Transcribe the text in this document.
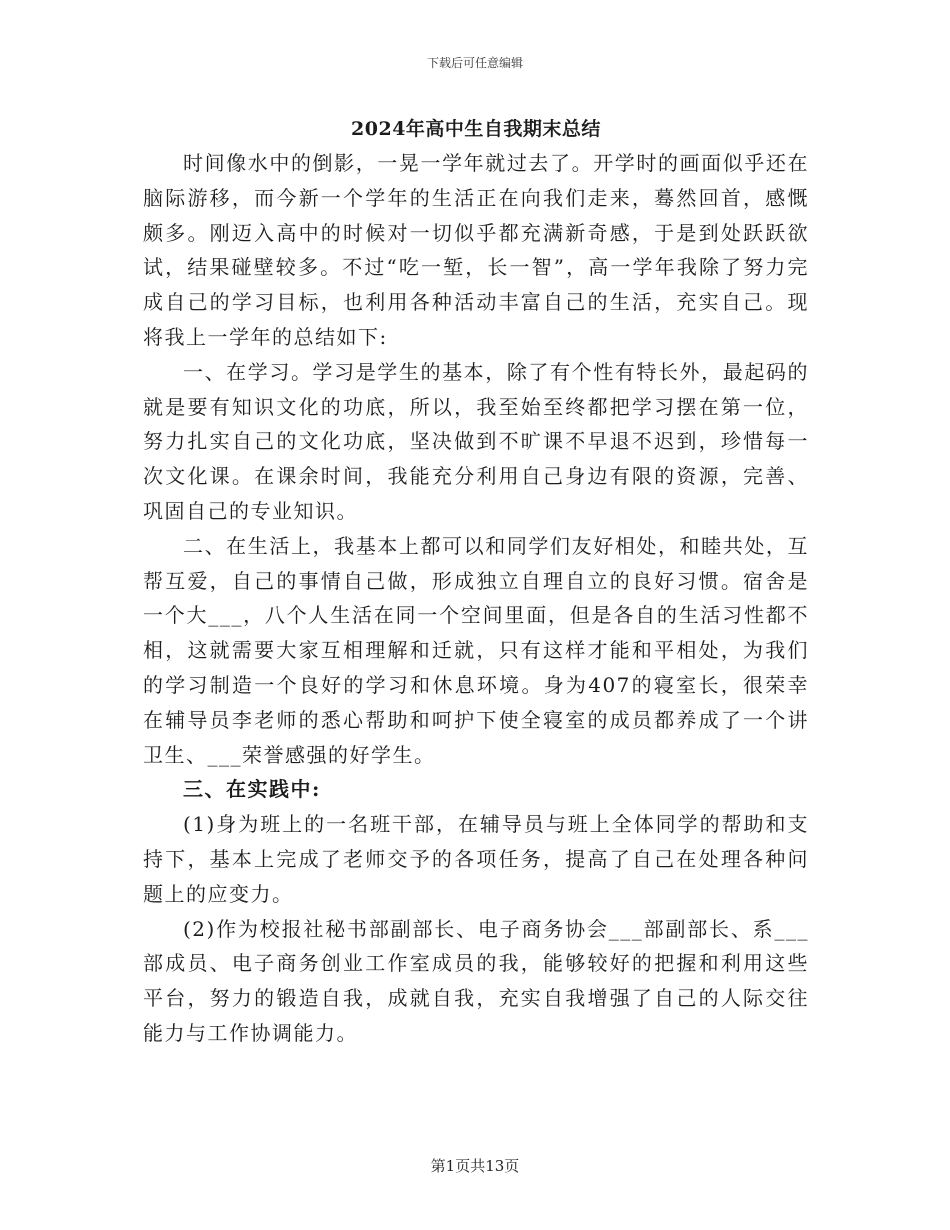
下载后可任意编辑
2024年高中生自我期末总结

时间像水中的倒影，一晃一学年就过去了。开学时的画面似乎还在脑际游移，而今新一个学年的生活正在向我们走来，蓦然回首，感慨颇多。刚迈入高中的时候对一切似乎都充满新奇感，于是到处跃跃欲试，结果碰壁较多。不过“吃一堑，长一智”，高一学年我除了努力完成自己的学习目标，也利用各种活动丰富自己的生活，充实自己。现将我上一学年的总结如下:

一、在学习。学习是学生的基本，除了有个性有特长外，最起码的就是要有知识文化的功底，所以，我至始至终都把学习摆在第一位，努力扎实自己的文化功底，坚决做到不旷课不早退不迟到，珍惜每一次文化课。在课余时间，我能充分利用自己身边有限的资源，完善、巩固自己的专业知识。

二、在生活上，我基本上都可以和同学们友好相处，和睦共处，互帮互爱，自己的事情自己做，形成独立自理自立的良好习惯。宿舍是一个大___，八个人生活在同一个空间里面，但是各自的生活习性都不相，这就需要大家互相理解和迁就，只有这样才能和平相处，为我们的学习制造一个良好的学习和休息环境。身为407的寝室长，很荣幸在辅导员李老师的悉心帮助和呵护下使全寝室的成员都养成了一个讲卫生、___荣誉感强的好学生。

三、在实践中:

(1)身为班上的一名班干部，在辅导员与班上全体同学的帮助和支持下，基本上完成了老师交予的各项任务，提高了自己在处理各种问题上的应变力。

(2)作为校报社秘书部副部长、电子商务协会___部副部长、系___部成员、电子商务创业工作室成员的我，能够较好的把握和利用这些平台，努力的锻造自我，成就自我，充实自我增强了自己的人际交往能力与工作协调能力。

第1页共13页
